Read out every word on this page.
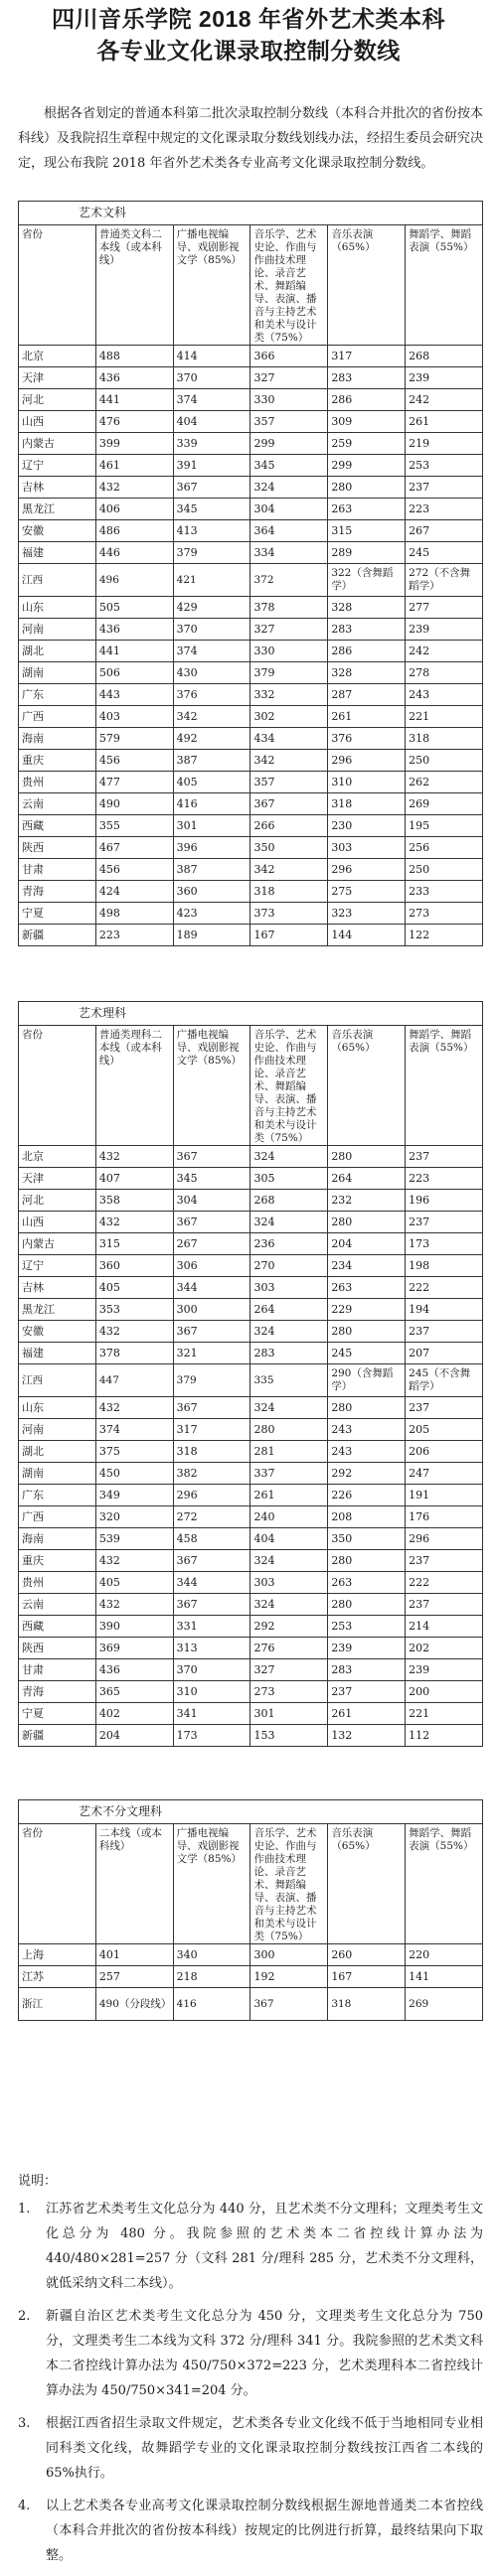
四川音乐学院 2018 年省外艺术类本科
各专业文化课录取控制分数线

根据各省划定的普通本科第二批次录取控制分数线（本科合并批次的省份按本科线）及我院招生章程中规定的文化课录取分数线划线办法，经招生委员会研究决定，现公布我院 2018 年省外艺术类各专业高考文化课录取控制分数线。

艺术文科					
省份	普通类文科二本线（或本科线）	广播电视编导、戏剧影视文学（85%）	音乐学、艺术史论、作曲与作曲技术理论、录音艺术、舞蹈编导、表演、播音与主持艺术和美术与设计类（75%）	音乐表演（65%）	舞蹈学、舞蹈表演（55%）
北京	488	414	366	317	268
天津	436	370	327	283	239
河北	441	374	330	286	242
山西	476	404	357	309	261
内蒙古	399	339	299	259	219
辽宁	461	391	345	299	253
吉林	432	367	324	280	237
黑龙江	406	345	304	263	223
安徽	486	413	364	315	267
福建	446	379	334	289	245
江西	496	421	372	322（含舞蹈学）	272（不含舞蹈学）
山东	505	429	378	328	277
河南	436	370	327	283	239
湖北	441	374	330	286	242
湖南	506	430	379	328	278
广东	443	376	332	287	243
广西	403	342	302	261	221
海南	579	492	434	376	318
重庆	456	387	342	296	250
贵州	477	405	357	310	262
云南	490	416	367	318	269
西藏	355	301	266	230	195
陕西	467	396	350	303	256
甘肃	456	387	342	296	250
青海	424	360	318	275	233
宁夏	498	423	373	323	273
新疆	223	189	167	144	122
艺术理科					
省份	普通类理科二本线（或本科线）	广播电视编导、戏剧影视文学（85%）	音乐学、艺术史论、作曲与作曲技术理论、录音艺术、舞蹈编导、表演、播音与主持艺术和美术与设计类（75%）	音乐表演（65%）	舞蹈学、舞蹈表演（55%）
北京	432	367	324	280	237
天津	407	345	305	264	223
河北	358	304	268	232	196
山西	432	367	324	280	237
内蒙古	315	267	236	204	173
辽宁	360	306	270	234	198
吉林	405	344	303	263	222
黑龙江	353	300	264	229	194
安徽	432	367	324	280	237
福建	378	321	283	245	207
江西	447	379	335	290（含舞蹈学）	245（不含舞蹈学）
山东	432	367	324	280	237
河南	374	317	280	243	205
湖北	375	318	281	243	206
湖南	450	382	337	292	247
广东	349	296	261	226	191
广西	320	272	240	208	176
海南	539	458	404	350	296
重庆	432	367	324	280	237
贵州	405	344	303	263	222
云南	432	367	324	280	237
西藏	390	331	292	253	214
陕西	369	313	276	239	202
甘肃	436	370	327	283	239
青海	365	310	273	237	200
宁夏	402	341	301	261	221
新疆	204	173	153	132	112
艺术不分文理科					
省份	二本线（或本科线）	广播电视编导、戏剧影视文学（85%）	音乐学、艺术史论、作曲与作曲技术理论、录音艺术、舞蹈编导、表演、播音与主持艺术和美术与设计类（75%）	音乐表演（65%）	舞蹈学、舞蹈表演（55%）
上海	401	340	300	260	220
江苏	257	218	192	167	141
浙江	490（分段线）	416	367	318	269

说明：

1. 江苏省艺术类考生文化总分为 440 分，且艺术类不分文理科；文理类考生文化总分为 480 分。我院参照的艺术类本二省控线计算办法为 440/480×281=257 分（文科 281 分/理科 285 分，艺术类不分文理科，就低采纳文科二本线）。
2. 新疆自治区艺术类考生文化总分为 450 分，文理类考生文化总分为 750 分，文理类考生二本线为文科 372 分/理科 341 分。我院参照的艺术类文科本二省控线计算办法为 450/750×372=223 分，艺术类理科本二省控线计算办法为 450/750×341=204 分。
3. 根据江西省招生录取文件规定，艺术类各专业文化线不低于当地相同专业相同科类文化线，故舞蹈学专业的文化课录取控制分数线按江西省二本线的 65%执行。
4. 以上艺术类各专业高考文化课录取控制分数线根据生源地普通类二本省控线（本科合并批次的省份按本科线）按规定的比例进行折算，最终结果向下取整。
